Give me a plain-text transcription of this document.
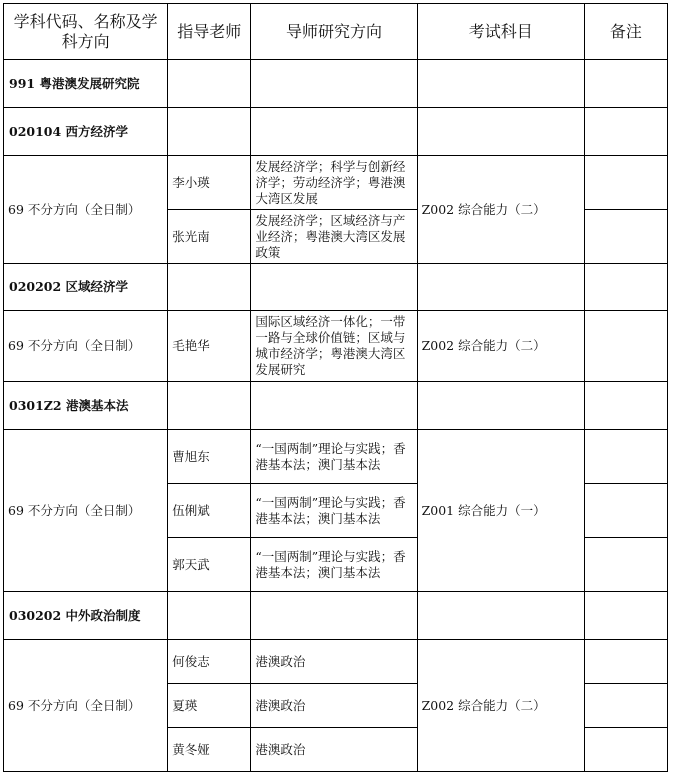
学科代码、名称及学科方向	指导老师	导师研究方向	考试科目	备注
991 粤港澳发展研究院				
020104 西方经济学				
69 不分方向（全日制）	李小瑛	发展经济学；科学与创新经济学；劳动经济学；粤港澳大湾区发展	Z002 综合能力（二）	
	张光南	发展经济学；区域经济与产业经济；粤港澳大湾区发展政策		
020202 区域经济学				
69 不分方向（全日制）	毛艳华	国际区域经济一体化；一带一路与全球价值链；区域与城市经济学；粤港澳大湾区发展研究	Z002 综合能力（二）	
0301Z2 港澳基本法				
69 不分方向（全日制）	曹旭东	“一国两制”理论与实践；香港基本法；澳门基本法	Z001 综合能力（一）	
	伍俐斌	“一国两制”理论与实践；香港基本法；澳门基本法		
	郭天武	“一国两制”理论与实践；香港基本法；澳门基本法		
030202 中外政治制度				
69 不分方向（全日制）	何俊志	港澳政治	Z002 综合能力（二）	
	夏瑛	港澳政治		
	黄冬娅	港澳政治		
